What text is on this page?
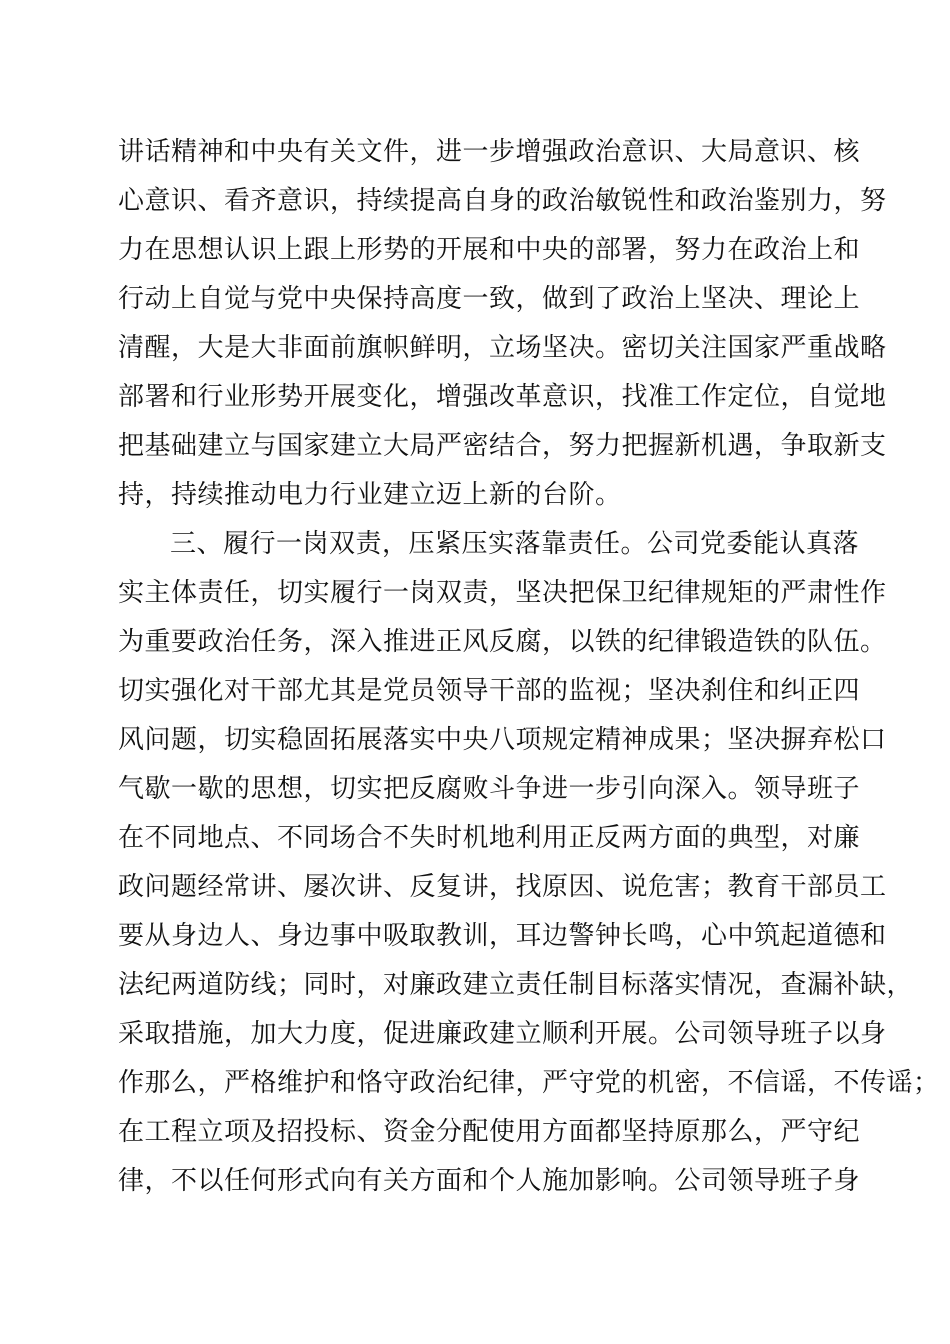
讲话精神和中央有关文件，进一步增强政治意识、大局意识、核
心意识、看齐意识，持续提高自身的政治敏锐性和政治鉴别力，努
力在思想认识上跟上形势的开展和中央的部署，努力在政治上和
行动上自觉与党中央保持高度一致，做到了政治上坚决、理论上
清醒，大是大非面前旗帜鲜明，立场坚决。密切关注国家严重战略
部署和行业形势开展变化，增强改革意识，找准工作定位，自觉地
把基础建立与国家建立大局严密结合，努力把握新机遇，争取新支
持，持续推动电力行业建立迈上新的台阶。
三、履行一岗双责，压紧压实落靠责任。公司党委能认真落
实主体责任，切实履行一岗双责，坚决把保卫纪律规矩的严肃性作
为重要政治任务，深入推进正风反腐，以铁的纪律锻造铁的队伍。
切实强化对干部尤其是党员领导干部的监视；坚决刹住和纠正四
风问题，切实稳固拓展落实中央八项规定精神成果；坚决摒弃松口
气歇一歇的思想，切实把反腐败斗争进一步引向深入。领导班子
在不同地点、不同场合不失时机地利用正反两方面的典型，对廉
政问题经常讲、屡次讲、反复讲，找原因、说危害；教育干部员工
要从身边人、身边事中吸取教训，耳边警钟长鸣，心中筑起道德和
法纪两道防线；同时，对廉政建立责任制目标落实情况，查漏补缺，
采取措施，加大力度，促进廉政建立顺利开展。公司领导班子以身
作那么，严格维护和恪守政治纪律，严守党的机密，不信谣，不传谣；
在工程立项及招投标、资金分配使用方面都坚持原那么，严守纪
律，不以任何形式向有关方面和个人施加影响。公司领导班子身
